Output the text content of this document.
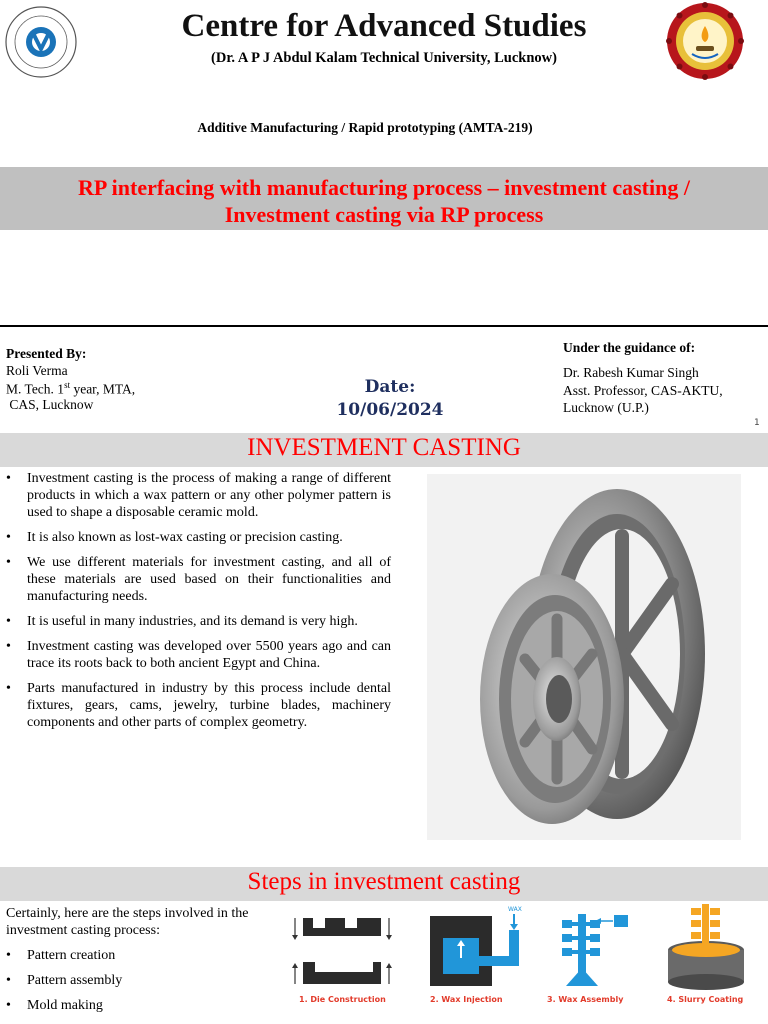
Centre for Advanced Studies
(Dr. A P J Abdul Kalam Technical University, Lucknow)
Additive Manufacturing / Rapid prototyping (AMTA-219)
RP interfacing with manufacturing process – investment casting /
Investment casting via RP process
Presented By:
Roli Verma
M. Tech. 1st year, MTA,
CAS, Lucknow
Date:
10/06/2024
Under the guidance of:
Dr. Rabesh Kumar Singh
Asst. Professor, CAS-AKTU,
Lucknow (U.P.)
1
INVESTMENT CASTING
• Investment casting is the process of making a range of different products in which a wax pattern or any other polymer pattern is used to shape a disposable ceramic mold.
• It is also known as lost-wax casting or precision casting.
• We use different materials for investment casting, and all of these materials are used based on their functionalities and manufacturing needs.
• It is useful in many industries, and its demand is very high.
• Investment casting was developed over 5500 years ago and can trace its roots back to both ancient Egypt and China.
• Parts manufactured in industry by this process include dental fixtures, gears, cams, jewelry, turbine blades, machinery components and other parts of complex geometry.
Steps in investment casting
Certainly, here are the steps involved in the investment casting process:
• Pattern creation
• Pattern assembly
• Mold making	1. Die Construction
WAX
2. Wax Injection	3. Wax Assembly	4. Slurry Coating
